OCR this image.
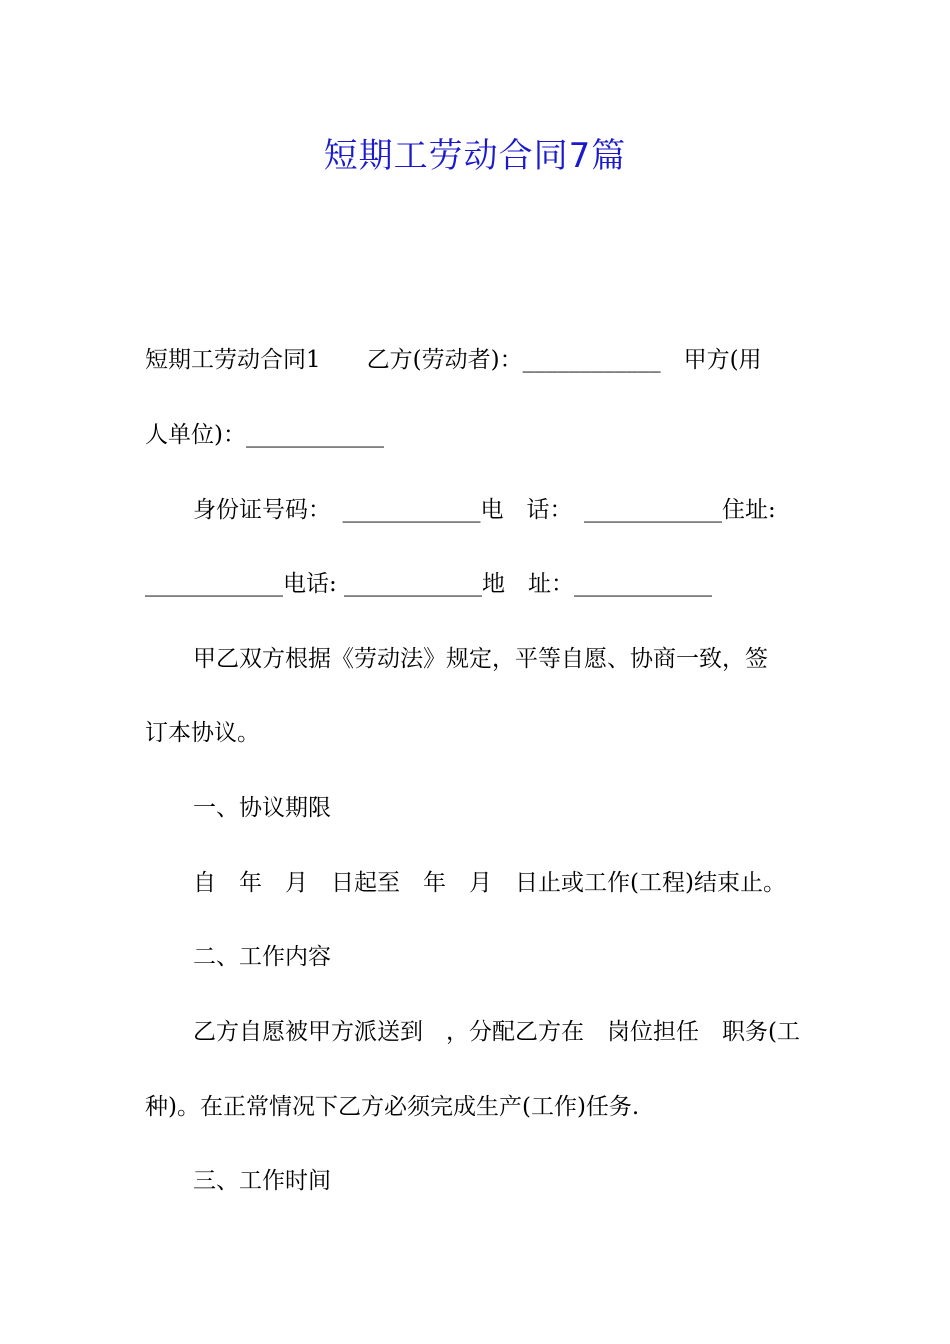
短期工劳动合同7篇
短期工劳动合同1　　乙方(劳动者)：____________　甲方(用
人单位)：____________
身份证号码：　____________电　话：　____________住址:
____________电话: ____________地　址：____________
甲乙双方根据《劳动法》规定，平等自愿、协商一致，签
订本协议。
一、协议期限
自　年　月　日起至　年　月　日止或工作(工程)结束止。
二、工作内容
乙方自愿被甲方派送到　，分配乙方在　岗位担任　职务(工
种)。在正常情况下乙方必须完成生产(工作)任务.
三、工作时间
